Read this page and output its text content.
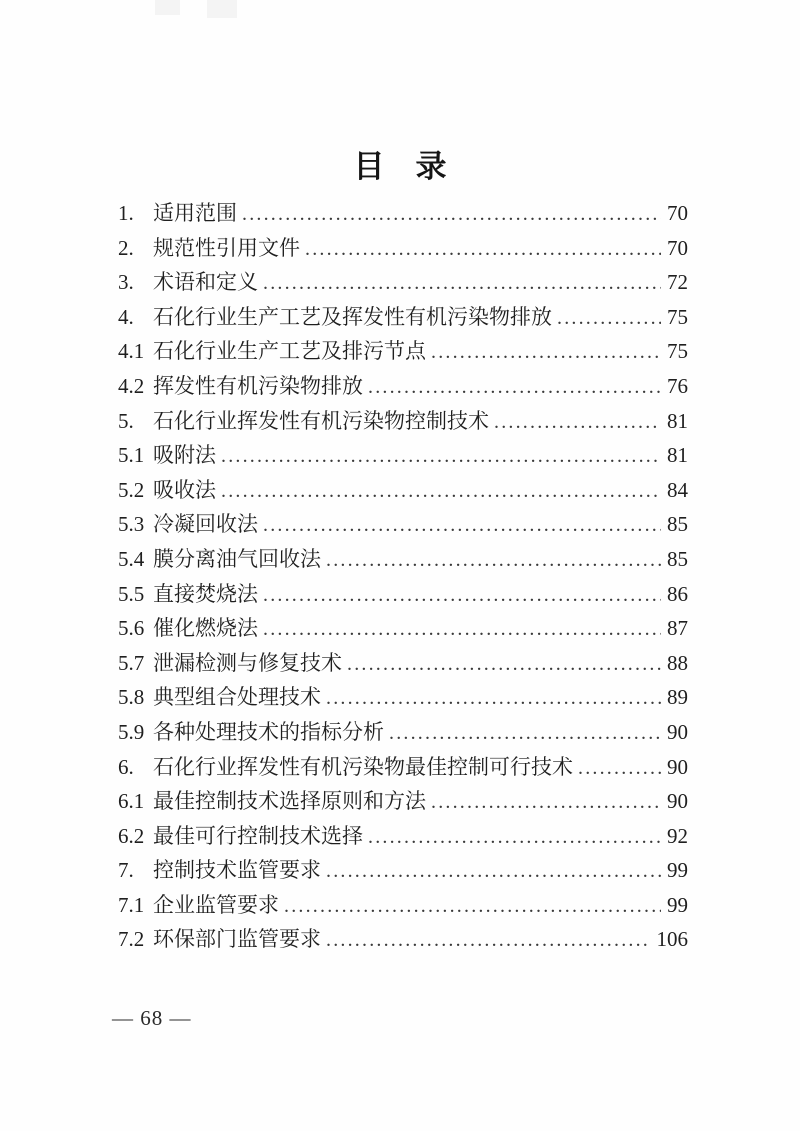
目　录
1. 适用范围 .....	70
2. 规范性引用文件 .....	70
3. 术语和定义 .....	72
4. 石化行业生产工艺及挥发性有机污染物排放 .....	75
4.1 石化行业生产工艺及排污节点 .....	75
4.2 挥发性有机污染物排放 .....	76
5. 石化行业挥发性有机污染物控制技术 .....	81
5.1 吸附法 .....	81
5.2 吸收法 .....	84
5.3 冷凝回收法 .....	85
5.4 膜分离油气回收法 .....	85
5.5 直接焚烧法 .....	86
5.6 催化燃烧法 .....	87
5.7 泄漏检测与修复技术 .....	88
5.8 典型组合处理技术 .....	89
5.9 各种处理技术的指标分析 .....	90
6. 石化行业挥发性有机污染物最佳控制可行技术 .....	90
6.1 最佳控制技术选择原则和方法 .....	90
6.2 最佳可行控制技术选择 .....	92
7. 控制技术监管要求 .....	99
7.1 企业监管要求 .....	99
7.2 环保部门监管要求 .....	106
— 68 —
